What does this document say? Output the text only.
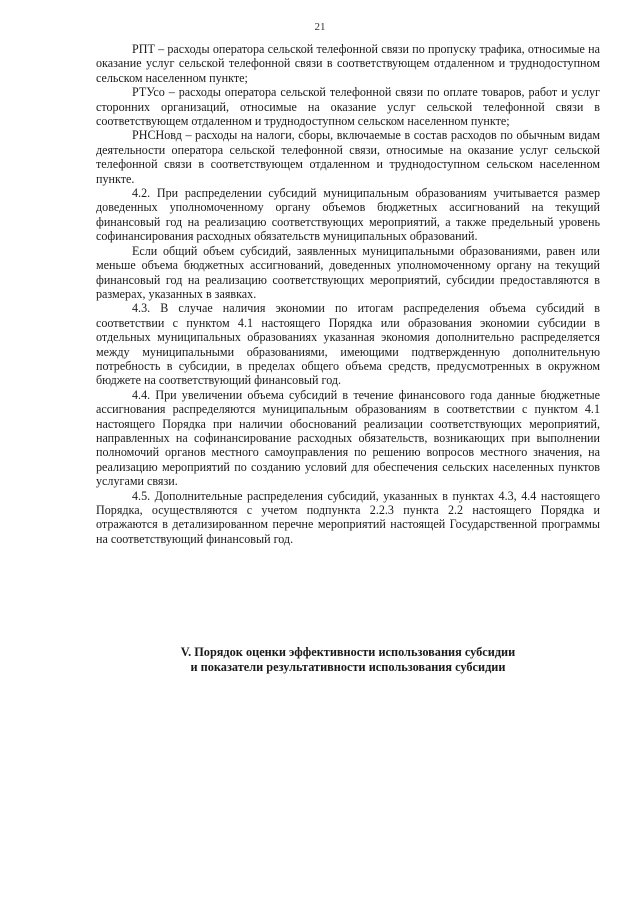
21

РПТ – расходы оператора сельской телефонной связи по пропуску трафика, относимые на оказание услуг сельской телефонной связи в соответствующем отдаленном и труднодоступном сельском населенном пункте;

РТУсо – расходы оператора сельской телефонной связи по оплате товаров, работ и услуг сторонних организаций, относимые на оказание услуг сельской телефонной связи в соответствующем отдаленном и труднодоступном сельском населенном пункте;

РНСНовд – расходы на налоги, сборы, включаемые в состав расходов по обычным видам деятельности оператора сельской телефонной связи, относимые на оказание услуг сельской телефонной связи в соответствующем отдаленном и труднодоступном сельском населенном пункте.

4.2. При распределении субсидий муниципальным образованиям учитывается размер доведенных уполномоченному органу объемов бюджетных ассигнований на текущий финансовый год на реализацию соответствующих мероприятий, а также предельный уровень софинансирования расходных обязательств муниципальных образований.

Если общий объем субсидий, заявленных муниципальными образованиями, равен или меньше объема бюджетных ассигнований, доведенных уполномоченному органу на текущий финансовый год на реализацию соответствующих мероприятий, субсидии предоставляются в размерах, указанных в заявках.

4.3. В случае наличия экономии по итогам распределения объема субсидий в соответствии с пунктом 4.1 настоящего Порядка или образования экономии субсидии в отдельных муниципальных образованиях указанная экономия дополнительно распределяется между муниципальными образованиями, имеющими подтвержденную дополнительную потребность в субсидии, в пределах общего объема средств, предусмотренных в окружном бюджете на соответствующий финансовый год.

4.4. При увеличении объема субсидий в течение финансового года данные бюджетные ассигнования распределяются муниципальным образованиям в соответствии с пунктом 4.1 настоящего Порядка при наличии обоснований реализации соответствующих мероприятий, направленных на софинансирование расходных обязательств, возникающих при выполнении полномочий органов местного самоуправления по решению вопросов местного значения, на реализацию мероприятий по созданию условий для обеспечения сельских населенных пунктов услугами связи.

4.5. Дополнительные распределения субсидий, указанных в пунктах 4.3, 4.4 настоящего Порядка, осуществляются с учетом подпункта 2.2.3 пункта 2.2 настоящего Порядка и отражаются в детализированном перечне мероприятий настоящей Государственной программы на соответствующий финансовый год.

V. Порядок оценки эффективности использования субсидии
и показатели результативности использования субсидии
